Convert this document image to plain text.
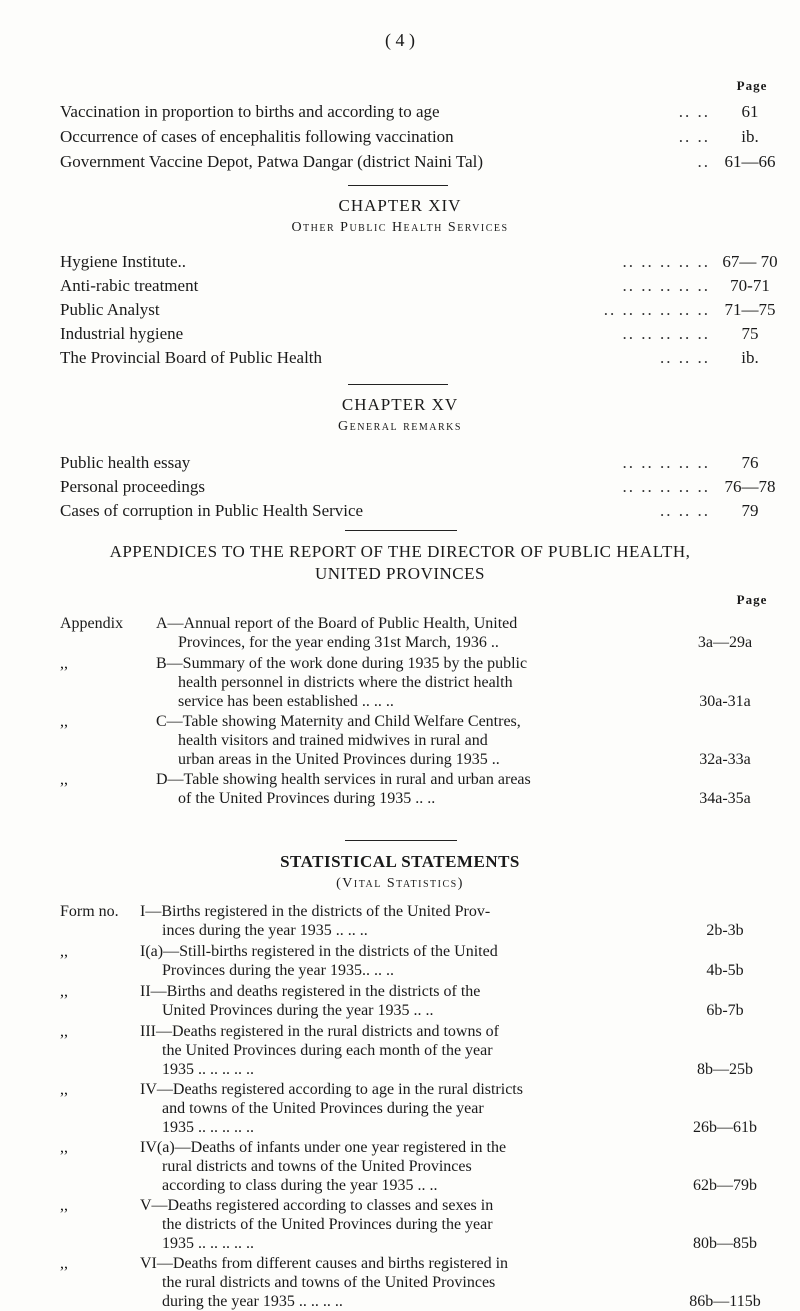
( 4 )
Page
Vaccination in proportion to births and according to age	.. ..	61
Occurrence of cases of encephalitis following vaccination	.. ..	ib.
Government Vaccine Depot, Patwa Dangar (district Naini Tal)	.. 61—66
CHAPTER XIV
Other Public Health Services
Hygiene Institute..	.. .. .. .. .. 67— 70
Anti-rabic treatment	.. .. .. .. ..	70-71
Public Analyst	.. .. .. .. .. .. 71—75
Industrial hygiene	.. .. .. .. ..	75
The Provincial Board of Public Health	.. .. ..	ib.
CHAPTER XV
General remarks
Public health essay	.. .. .. .. ..	76
Personal proceedings	.. .. .. .. .. 76—78
Cases of corruption in Public Health Service	.. .. ..	79
APPENDICES TO THE REPORT OF THE DIRECTOR OF PUBLIC HEALTH,
UNITED PROVINCES
Page
Appendix	A—Annual report of the Board of Public Health, United
Provinces, for the year ending 31st March, 1936 ..	3a—29a
,,	B—Summary of the work done during 1935 by the public
health personnel in districts where the district health
service has been established .. .. ..	30a-31a
,,	C—Table showing Maternity and Child Welfare Centres,
health visitors and trained midwives in rural and
urban areas in the United Provinces during 1935 ..	32a-33a
,,	D—Table showing health services in rural and urban areas
of the United Provinces during 1935 .. ..	34a-35a
STATISTICAL STATEMENTS
(Vital Statistics)
Form no.	I—Births registered in the districts of the United Prov-
inces during the year 1935 .. .. ..	2b-3b
,,	I(a)—Still-births registered in the districts of the United
Provinces during the year 1935.. .. ..	4b-5b
,,	II—Births and deaths registered in the districts of the
United Provinces during the year 1935 .. ..	6b-7b
,,	III—Deaths registered in the rural districts and towns of
the United Provinces during each month of the year
1935 .. .. .. .. ..	8b—25b
,,	IV—Deaths registered according to age in the rural districts
and towns of the United Provinces during the year
1935 .. .. .. .. ..	26b—61b
,,	IV(a)—Deaths of infants under one year registered in the
rural districts and towns of the United Provinces
according to class during the year 1935 .. ..	62b—79b
,,	V—Deaths registered according to classes and sexes in
the districts of the United Provinces during the year
1935 .. .. .. .. ..	80b—85b
,,	VI—Deaths from different causes and births registered in
the rural districts and towns of the United Provinces
during the year 1935 .. .. .. ..	86b—115b
